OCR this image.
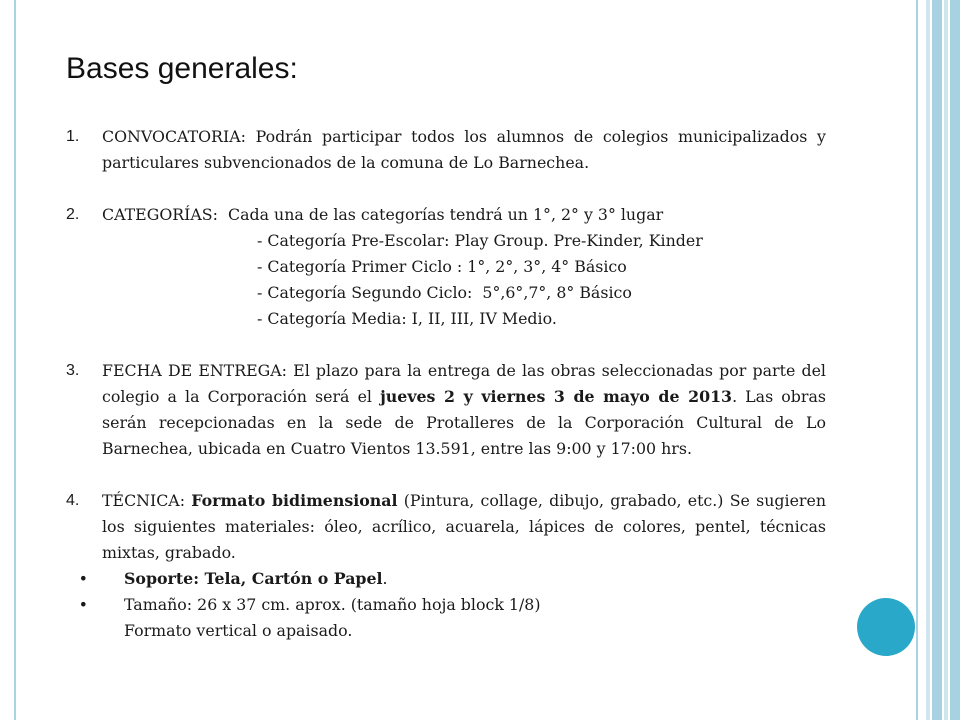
Bases generales:
1.	CONVOCATORIA: Podrán participar todos los alumnos de colegios municipalizados y particulares subvencionados de la comuna de Lo Barnechea.
2.	CATEGORÍAS:  Cada una de las categorías tendrá un 1°, 2° y 3° lugar
- Categoría Pre-Escolar: Play Group. Pre-Kinder, Kinder
- Categoría Primer Ciclo : 1°, 2°, 3°, 4° Básico
- Categoría Segundo Ciclo:  5°,6°,7°, 8° Básico
- Categoría Media: I, II, III, IV Medio.
3.	FECHA DE ENTREGA: El plazo para la entrega de las obras seleccionadas por parte del colegio a la Corporación será el jueves 2 y viernes 3 de mayo de 2013. Las obras serán recepcionadas en la sede de Protalleres de la Corporación Cultural de Lo Barnechea, ubicada en Cuatro Vientos 13.591, entre las 9:00 y 17:00 hrs.
4.	TÉCNICA: Formato bidimensional (Pintura, collage, dibujo, grabado, etc.) Se sugieren los siguientes materiales: óleo, acrílico, acuarela, lápices de colores, pentel, técnicas mixtas, grabado.
•	Soporte: Tela, Cartón o Papel.
•	Tamaño: 26 x 37 cm. aprox. (tamaño hoja block 1/8)
Formato vertical o apaisado.
